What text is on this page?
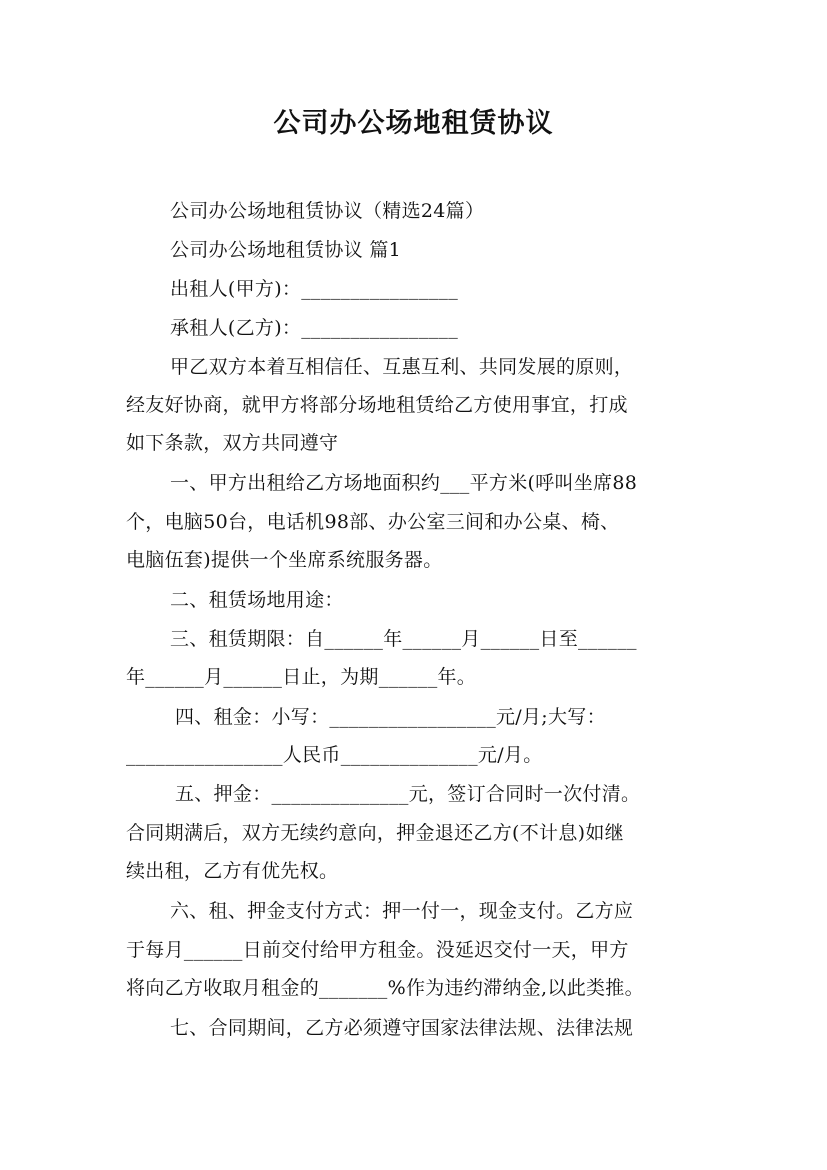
公司办公场地租赁协议
公司办公场地租赁协议（精选24篇）
公司办公场地租赁协议 篇1
出租人(甲方)：________________
承租人(乙方)：________________
甲乙双方本着互相信任、互惠互利、共同发展的原则，
经友好协商，就甲方将部分场地租赁给乙方使用事宜，打成
如下条款，双方共同遵守
一、甲方出租给乙方场地面积约___平方米(呼叫坐席88
个，电脑50台，电话机98部、办公室三间和办公桌、椅、
电脑伍套)提供一个坐席系统服务器。
二、租赁场地用途：
三、租赁期限：自______年______月______日至______
年______月______日止，为期______年。
四、租金：小写：_________________元/月;大写：
________________人民币______________元/月。
五、押金：______________元，签订合同时一次付清。
合同期满后，双方无续约意向，押金退还乙方(不计息)如继
续出租，乙方有优先权。
六、租、押金支付方式：押一付一，现金支付。乙方应
于每月______日前交付给甲方租金。没延迟交付一天，甲方
将向乙方收取月租金的_______%作为违约滞纳金,以此类推。
七、合同期间，乙方必须遵守国家法律法规、法律法规
